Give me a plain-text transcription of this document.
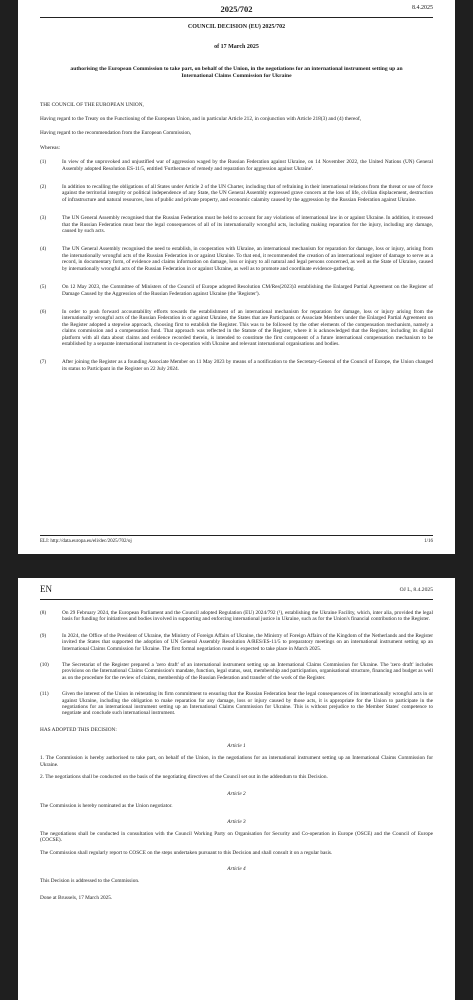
2025/702	8.4.2025
COUNCIL DECISION (EU) 2025/702
of 17 March 2025
authorising the European Commission to take part, on behalf of the Union, in the negotiations for an international instrument setting up an International Claims Commission for Ukraine
THE COUNCIL OF THE EUROPEAN UNION,
Having regard to the Treaty on the Functioning of the European Union, and in particular Article 212, in conjunction with Article 218(3) and (4) thereof,
Having regard to the recommendation from the European Commission,
Whereas:
(1)	In view of the unprovoked and unjustified war of aggression waged by the Russian Federation against Ukraine, on 14 November 2022, the United Nations (UN) General Assembly adopted Resolution ES-11/5, entitled 'Furtherance of remedy and reparation for aggression against Ukraine'.
(2)	In addition to recalling the obligations of all States under Article 2 of the UN Charter, including that of refraining in their international relations from the threat or use of force against the territorial integrity or political independence of any State, the UN General Assembly expressed grave concern at the loss of life, civilian displacement, destruction of infrastructure and natural resources, loss of public and private property, and economic calamity caused by the aggression by the Russian Federation against Ukraine.
(3)	The UN General Assembly recognised that the Russian Federation must be held to account for any violations of international law in or against Ukraine. In addition, it stressed that the Russian Federation must bear the legal consequences of all of its internationally wrongful acts, including making reparation for the injury, including any damage, caused by such acts.
(4)	The UN General Assembly recognised the need to establish, in cooperation with Ukraine, an international mechanism for reparation for damage, loss or injury, arising from the internationally wrongful acts of the Russian Federation in or against Ukraine. To that end, it recommended the creation of an international register of damage to serve as a record, in documentary form, of evidence and claims information on damage, loss or injury to all natural and legal persons concerned, as well as the State of Ukraine, caused by internationally wrongful acts of the Russian Federation in or against Ukraine, as well as to promote and coordinate evidence-gathering.
(5)	On 12 May 2023, the Committee of Ministers of the Council of Europe adopted Resolution CM/Res(2023)3 establishing the Enlarged Partial Agreement on the Register of Damage Caused by the Aggression of the Russian Federation against Ukraine (the 'Register').
(6)	In order to push forward accountability efforts towards the establishment of an international mechanism for reparation for damage, loss or injury arising from the internationally wrongful acts of the Russian Federation in or against Ukraine, the States that are Participants or Associate Members under the Enlarged Partial Agreement on the Register adopted a stepwise approach, choosing first to establish the Register. This was to be followed by the other elements of the compensation mechanism, namely a claims commission and a compensation fund. That approach was reflected in the Statute of the Register, where it is acknowledged that the Register, including its digital platform with all data about claims and evidence recorded therein, is intended to constitute the first component of a future international compensation mechanism to be established by a separate international instrument in co-operation with Ukraine and relevant international organisations and bodies.
(7)	After joining the Register as a founding Associate Member on 11 May 2023 by means of a notification to the Secretary-General of the Council of Europe, the Union changed its status to Participant in the Register on 22 July 2024.
ELI: http://data.europa.eu/eli/dec/2025/702/oj	1/16
EN	OJ L, 8.4.2025
(8)	On 29 February 2024, the European Parliament and the Council adopted Regulation (EU) 2024/792 (¹), establishing the Ukraine Facility, which, inter alia, provided the legal basis for funding for initiatives and bodies involved in supporting and enforcing international justice in Ukraine, such as for the Union's financial contribution to the Register.
(9)	In 2024, the Office of the President of Ukraine, the Ministry of Foreign Affairs of Ukraine, the Ministry of Foreign Affairs of the Kingdom of the Netherlands and the Register invited the States that supported the adoption of UN General Assembly Resolution A/RES/ES-11/5 to preparatory meetings on an international instrument setting up an International Claims Commission for Ukraine. The first formal negotiation round is expected to take place in March 2025.
(10)	The Secretariat of the Register prepared a 'zero draft' of an international instrument setting up an International Claims Commission for Ukraine. The 'zero draft' includes provisions on the International Claims Commission's mandate, function, legal status, seat, membership and participation, organisational structure, financing and budget as well as on the procedure for the review of claims, membership of the Russian Federation and transfer of the work of the Register.
(11)	Given the interest of the Union in reiterating its firm commitment to ensuring that the Russian Federation bear the legal consequences of its internationally wrongful acts in or against Ukraine, including the obligation to make reparation for any damage, loss or injury caused by those acts, it is appropriate for the Union to participate in the negotiations for an international instrument setting up an International Claims Commission for Ukraine. This is without prejudice to the Member States' competence to negotiate and conclude such international instrument.
HAS ADOPTED THIS DECISION:
Article 1
1. The Commission is hereby authorised to take part, on behalf of the Union, in the negotiations for an international instrument setting up an International Claims Commission for Ukraine.
2. The negotiations shall be conducted on the basis of the negotiating directives of the Council set out in the addendum to this Decision.
Article 2
The Commission is hereby nominated as the Union negotiator.
Article 3
The negotiations shall be conducted in consultation with the Council Working Party on Organisation for Security and Co-operation in Europe (OSCE) and the Council of Europe (COCSE).
The Commission shall regularly report to COSCE on the steps undertaken pursuant to this Decision and shall consult it on a regular basis.
Article 4
This Decision is addressed to the Commission.
Done at Brussels, 17 March 2025.
